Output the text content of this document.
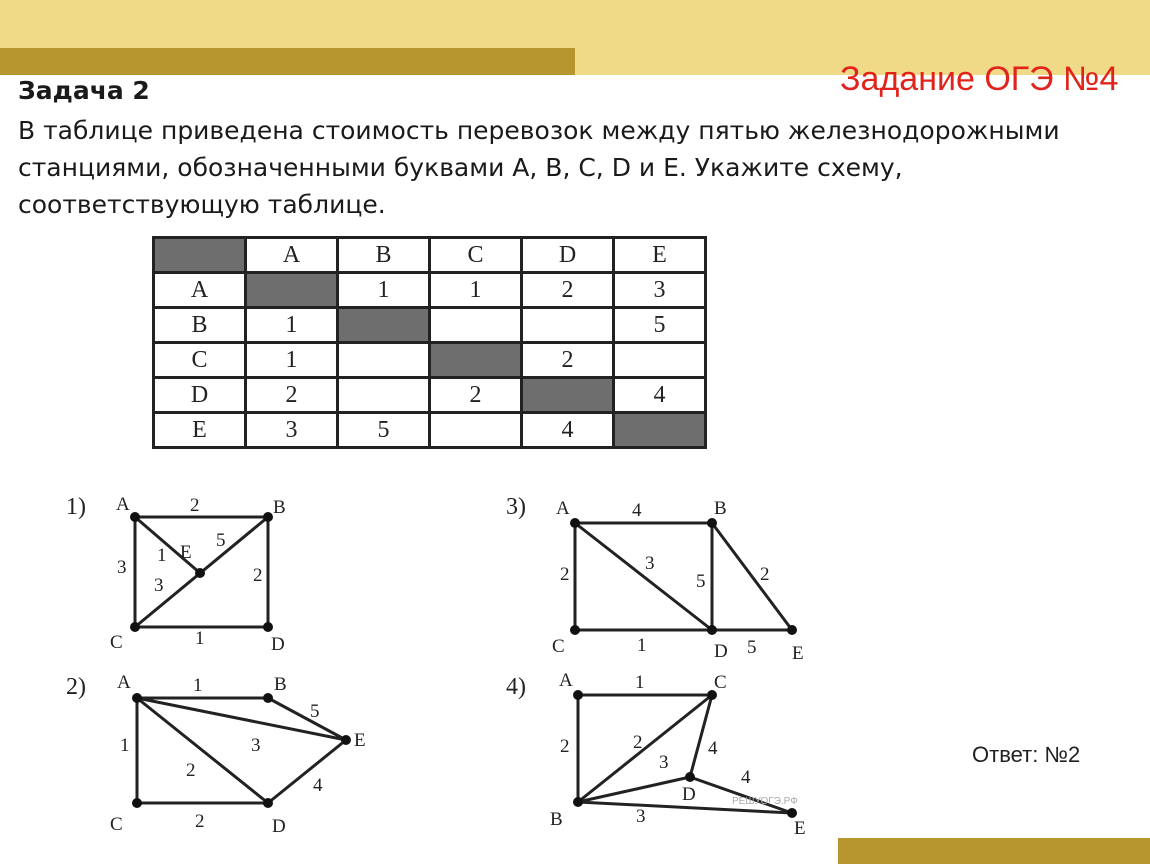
Задание ОГЭ №4
Задача 2
В таблице приведена стоимость перевозок между пятью железнодорожными станциями, обозначенными буквами A, B, C, D и E. Укажите схему, соответствующую таблице.
	A	B	C	D	E
A		1	1	2	3
B	1				5
C	1			2	
D	2		2		4
E	3	5		4	
1) A	B
E
C	D
2
1
5
3
3	2
1
2) A	B
E
C	D
1
5
3
1
2
4
2
3) A	B
C	D	E
4
2
3
5
2
1	5
4) A	C
D
B	E
1
2	2	4
3
4
3
РЕШУОГЭ.РФ
Ответ: №2
